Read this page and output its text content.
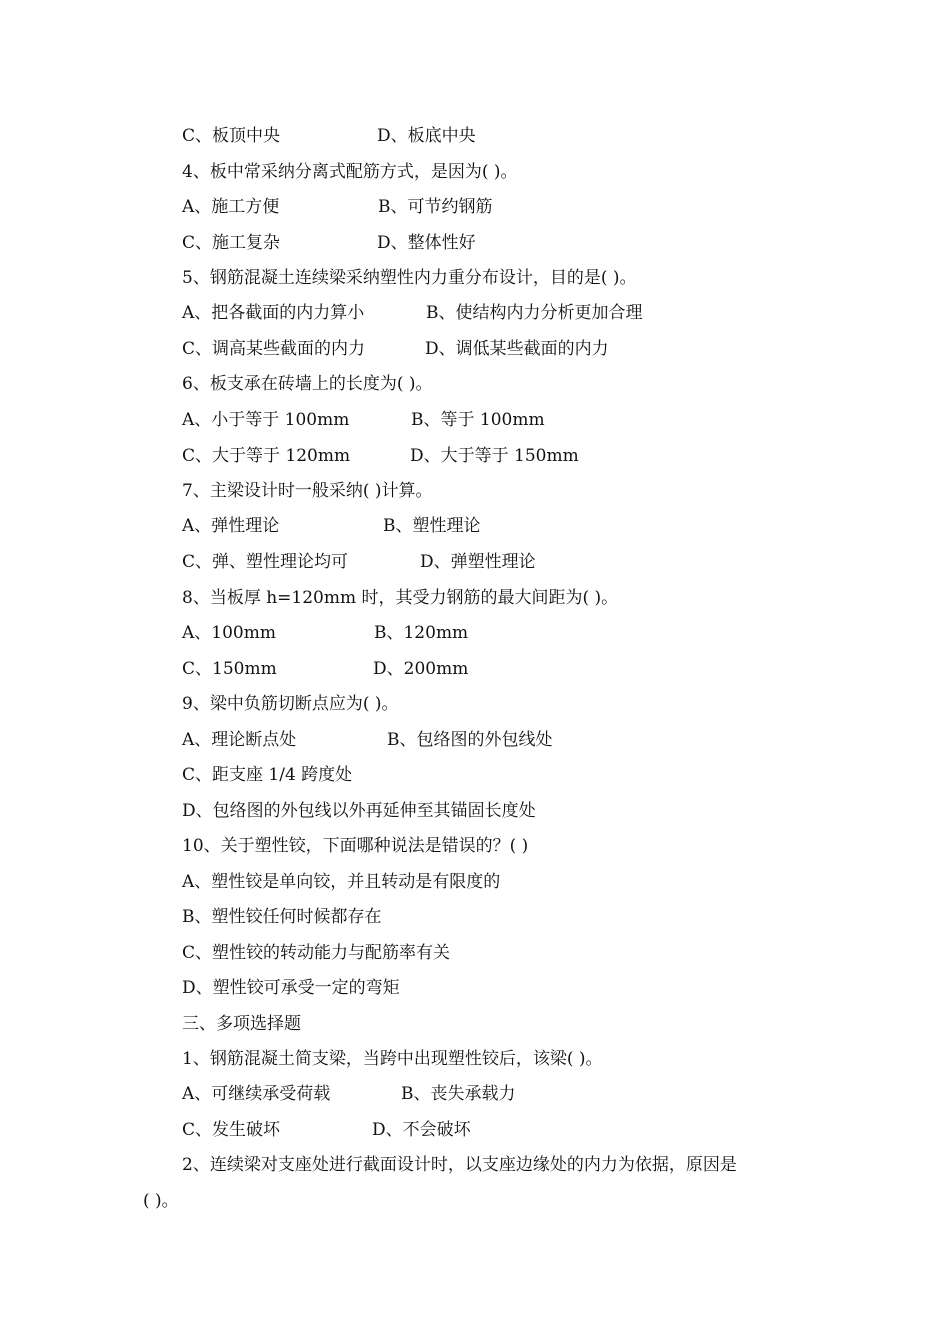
C、板顶中央	D、板底中央
4、板中常采纳分离式配筋方式，是因为( )。
A、施工方便	B、可节约钢筋
C、施工复杂	D、整体性好
5、钢筋混凝土连续梁采纳塑性内力重分布设计，目的是( )。
A、把各截面的内力算小	B、使结构内力分析更加合理
C、调高某些截面的内力	D、调低某些截面的内力
6、板支承在砖墙上的长度为( )。
A、小于等于 100mm	B、等于 100mm
C、大于等于 120mm	D、大于等于 150mm
7、主梁设计时一般采纳( )计算。
A、弹性理论	B、塑性理论
C、弹、塑性理论均可	D、弹塑性理论
8、当板厚 h=120mm 时，其受力钢筋的最大间距为( )。
A、100mm	B、120mm
C、150mm	D、200mm
9、梁中负筋切断点应为( )。
A、理论断点处	B、包络图的外包线处
C、距支座 1/4 跨度处
D、包络图的外包线以外再延伸至其锚固长度处
10、关于塑性铰，下面哪种说法是错误的？( )
A、塑性铰是单向铰，并且转动是有限度的
B、塑性铰任何时候都存在
C、塑性铰的转动能力与配筋率有关
D、塑性铰可承受一定的弯矩
三、多项选择题
1、钢筋混凝土简支梁，当跨中出现塑性铰后，该梁( )。
A、可继续承受荷载	B、丧失承载力
C、发生破坏	D、不会破坏
2、连续梁对支座处进行截面设计时，以支座边缘处的内力为依据，原因是
( )。
